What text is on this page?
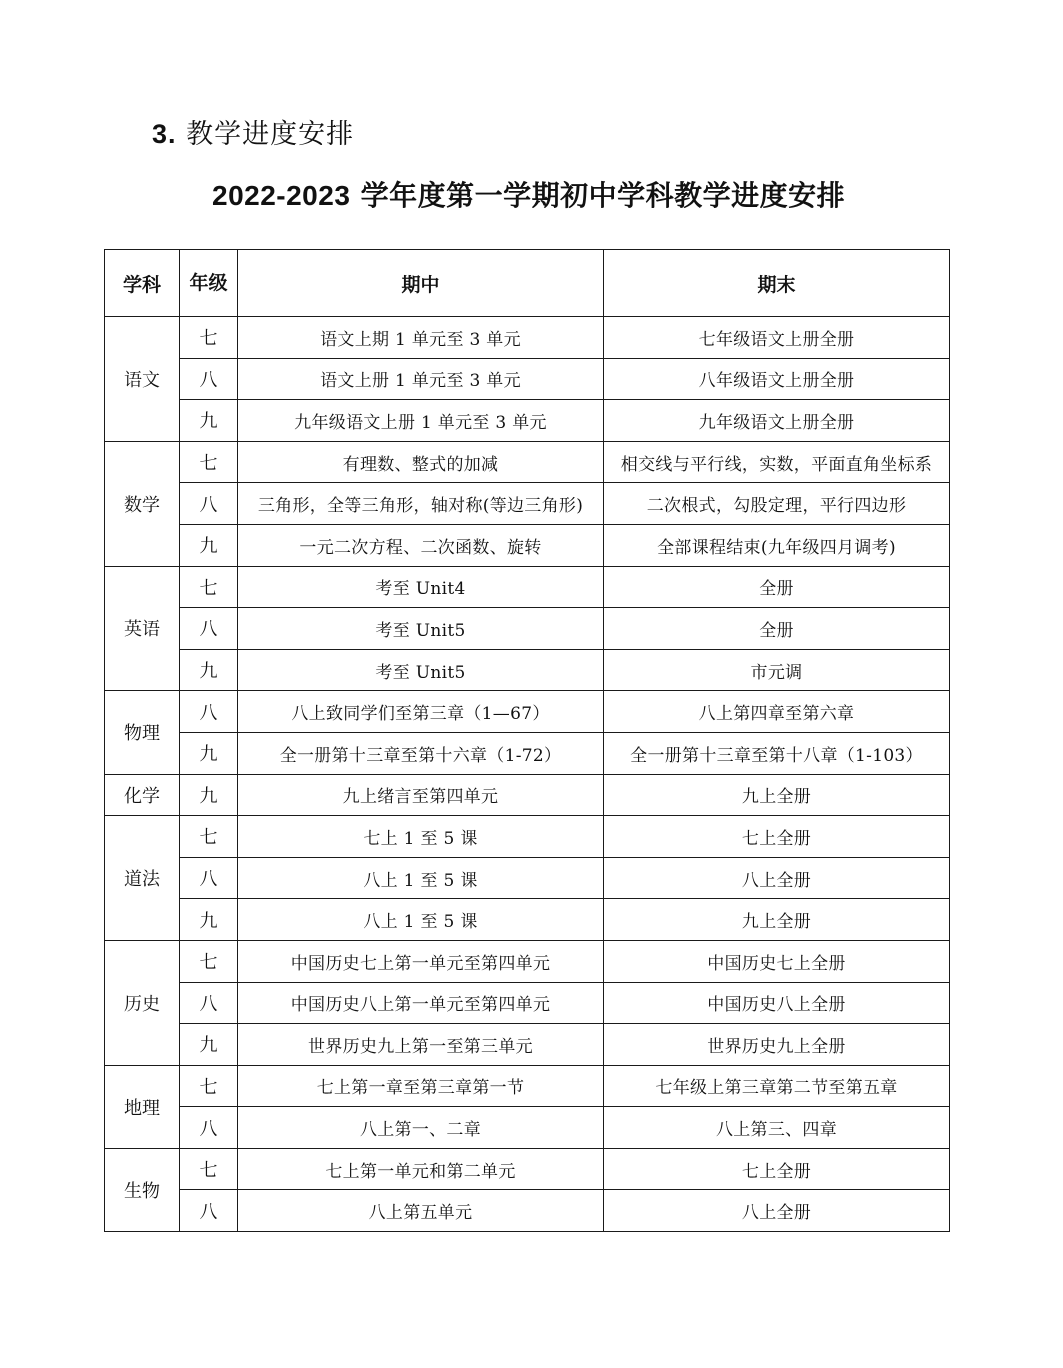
3. 教学进度安排
2022-2023 学年度第一学期初中学科教学进度安排
学科	年级	期中	期末
语文	七	语文上期 1 单元至 3 单元	七年级语文上册全册
	八	语文上册 1 单元至 3 单元	八年级语文上册全册
	九	九年级语文上册 1 单元至 3 单元	九年级语文上册全册
数学	七	有理数、整式的加减	相交线与平行线，实数，平面直角坐标系
	八	三角形，全等三角形，轴对称(等边三角形)	二次根式，勾股定理，平行四边形
	九	一元二次方程、二次函数、旋转	全部课程结束(九年级四月调考)
英语	七	考至 Unit4	全册
	八	考至 Unit5	全册
	九	考至 Unit5	市元调
物理	八	八上致同学们至第三章（1—67）	八上第四章至第六章
	九	全一册第十三章至第十六章（1-72）	全一册第十三章至第十八章（1-103）
化学	九	九上绪言至第四单元	九上全册
道法	七	七上 1 至 5 课	七上全册
	八	八上 1 至 5 课	八上全册
	九	八上 1 至 5 课	九上全册
历史	七	中国历史七上第一单元至第四单元	中国历史七上全册
	八	中国历史八上第一单元至第四单元	中国历史八上全册
	九	世界历史九上第一至第三单元	世界历史九上全册
地理	七	七上第一章至第三章第一节	七年级上第三章第二节至第五章
	八	八上第一、二章	八上第三、四章
生物	七	七上第一单元和第二单元	七上全册
	八	八上第五单元	八上全册
